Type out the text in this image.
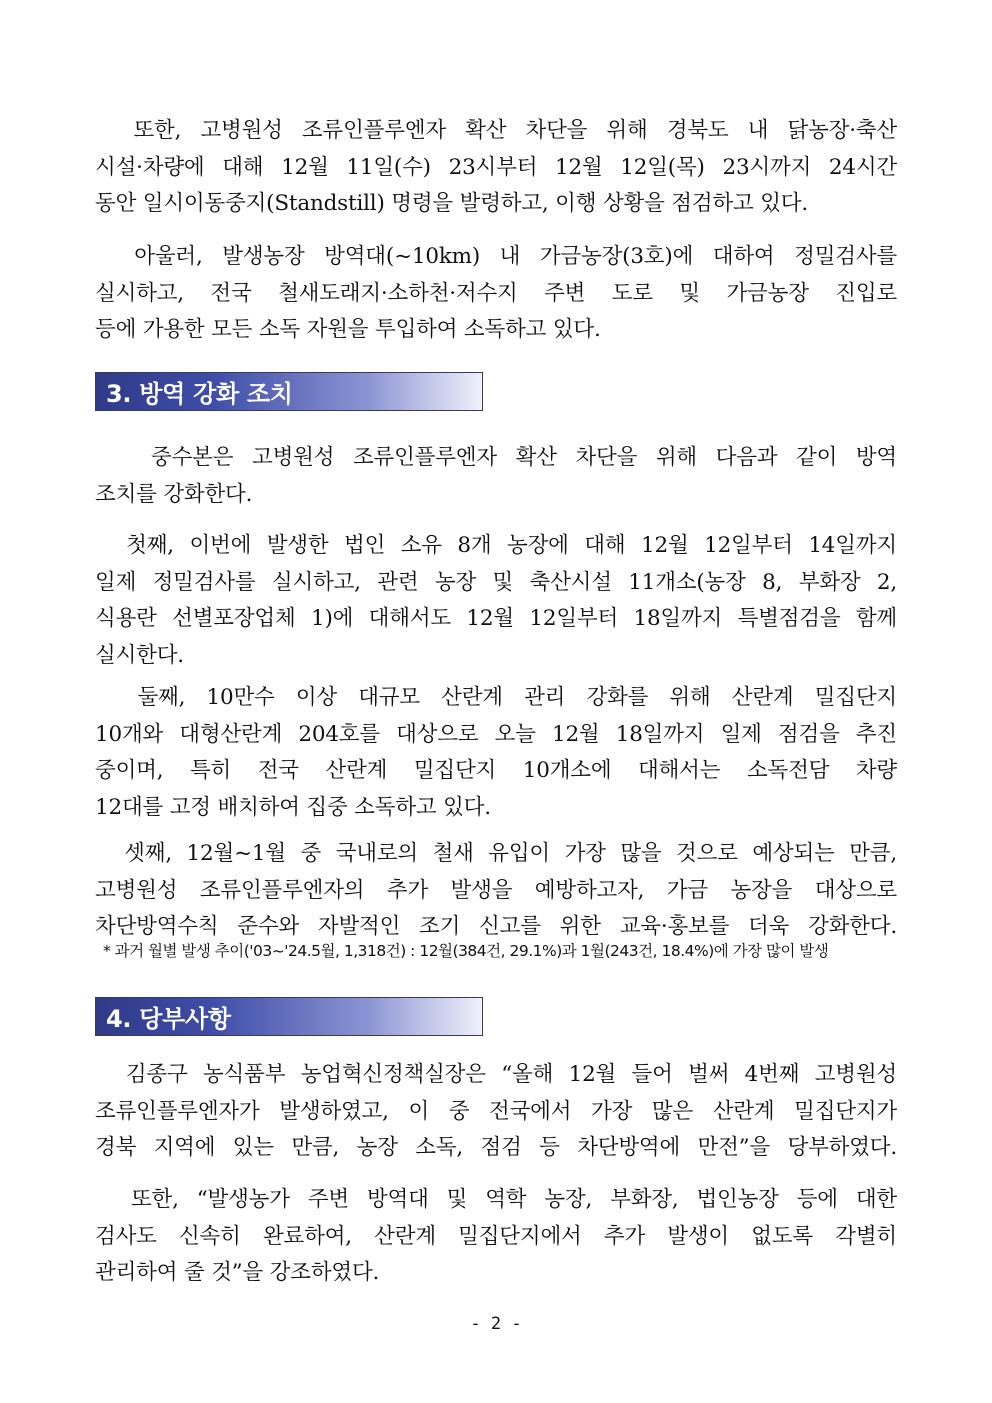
또한, 고병원성 조류인플루엔자 확산 차단을 위해 경북도 내 닭농장·축산
시설·차량에 대해 12월 11일(수) 23시부터 12월 12일(목) 23시까지 24시간
동안 일시이동중지(Standstill) 명령을 발령하고, 이행 상황을 점검하고 있다.
아울러, 발생농장 방역대(~10km) 내 가금농장(3호)에 대하여 정밀검사를
실시하고, 전국 철새도래지·소하천·저수지 주변 도로 및 가금농장 진입로
등에 가용한 모든 소독 자원을 투입하여 소독하고 있다.
3. 방역 강화 조치
중수본은 고병원성 조류인플루엔자 확산 차단을 위해 다음과 같이 방역
조치를 강화한다.
첫째, 이번에 발생한 법인 소유 8개 농장에 대해 12월 12일부터 14일까지
일제 정밀검사를 실시하고, 관련 농장 및 축산시설 11개소(농장 8, 부화장 2,
식용란 선별포장업체 1)에 대해서도 12월 12일부터 18일까지 특별점검을 함께
실시한다.
둘째, 10만수 이상 대규모 산란계 관리 강화를 위해 산란계 밀집단지
10개와 대형산란계 204호를 대상으로 오늘 12월 18일까지 일제 점검을 추진
중이며, 특히 전국 산란계 밀집단지 10개소에 대해서는 소독전담 차량
12대를 고정 배치하여 집중 소독하고 있다.
셋째, 12월~1월 중 국내로의 철새 유입이 가장 많을 것으로 예상되는 만큼,
고병원성 조류인플루엔자의 추가 발생을 예방하고자, 가금 농장을 대상으로
차단방역수칙 준수와 자발적인 조기 신고를 위한 교육·홍보를 더욱 강화한다.
* 과거 월별 발생 추이('03~'24.5월, 1,318건) : 12월(384건, 29.1%)과 1월(243건, 18.4%)에 가장 많이 발생
4. 당부사항
김종구 농식품부 농업혁신정책실장은 “올해 12월 들어 벌써 4번째 고병원성
조류인플루엔자가 발생하였고, 이 중 전국에서 가장 많은 산란계 밀집단지가
경북 지역에 있는 만큼, 농장 소독, 점검 등 차단방역에 만전”을 당부하였다.
또한, “발생농가 주변 방역대 및 역학 농장, 부화장, 법인농장 등에 대한
검사도 신속히 완료하여, 산란계 밀집단지에서 추가 발생이 없도록 각별히
관리하여 줄 것”을 강조하였다.
- 2 -
